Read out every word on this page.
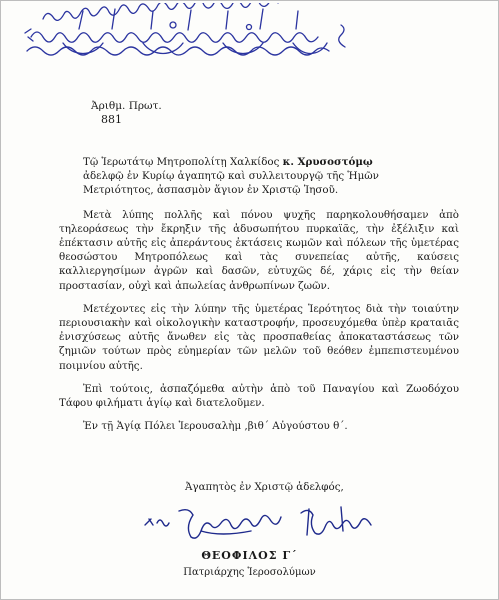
Ἀριθμ. Πρωτ.
881
Τῷ Ἱερωτάτῳ Μητροπολίτῃ Χαλκίδος κ. Χρυσοστόμῳ
ἀδελφῷ ἐν Κυρίῳ ἀγαπητῷ καὶ συλλειτουργῷ τῆς Ἡμῶν
Μετριότητος, ἀσπασμὸν ἅγιον ἐν Χριστῷ Ἰησοῦ.

Μετὰ λύπης πολλῆς καὶ πόνου ψυχῆς παρηκολουθήσαμεν ἀπὸ τηλεοράσεως τὴν ἔκρηξιν τῆς ἀδυσωπήτου πυρκαϊᾶς, τὴν ἐξέλιξιν καὶ ἐπέκτασιν αὐτῆς εἰς ἀπεράντους ἐκτάσεις κωμῶν καὶ πόλεων τῆς ὑμετέρας θεοσώστου Μητροπόλεως καὶ τὰς συνεπείας αὐτῆς, καύσεις καλλιεργησίμων ἀγρῶν καὶ δασῶν, εὐτυχῶς δέ, χάρις εἰς τὴν θείαν προστασίαν, οὐχὶ καὶ ἀπωλείας ἀνθρωπίνων ζωῶν.

Μετέχοντες εἰς τὴν λύπην τῆς ὑμετέρας Ἱερότητος διὰ τὴν τοιαύτην περιουσιακὴν καὶ οἰκολογικὴν καταστροφήν, προσευχόμεθα ὑπὲρ κραταιᾶς ἐνισχύσεως αὐτῆς ἄνωθεν εἰς τὰς προσπαθείας ἀποκαταστάσεως τῶν ζημιῶν τούτων πρὸς εὐημερίαν τῶν μελῶν τοῦ θεόθεν ἐμπεπιστευμένου ποιμνίου αὐτῆς.

Ἐπὶ τούτοις, ἀσπαζόμεθα αὐτὴν ἀπὸ τοῦ Παναγίου καὶ Ζωοδόχου Τάφου φιλήματι ἁγίῳ καὶ διατελοῦμεν.

Ἐν τῇ Ἁγίᾳ Πόλει Ἱερουσαλὴμ ‚βιθ΄ Αὐγούστου θ΄.
Ἀγαπητὸς ἐν Χριστῷ ἀδελφός,
ΘΕΟΦΙΛΟΣ Γ΄
Πατριάρχης Ἱεροσολύμων
